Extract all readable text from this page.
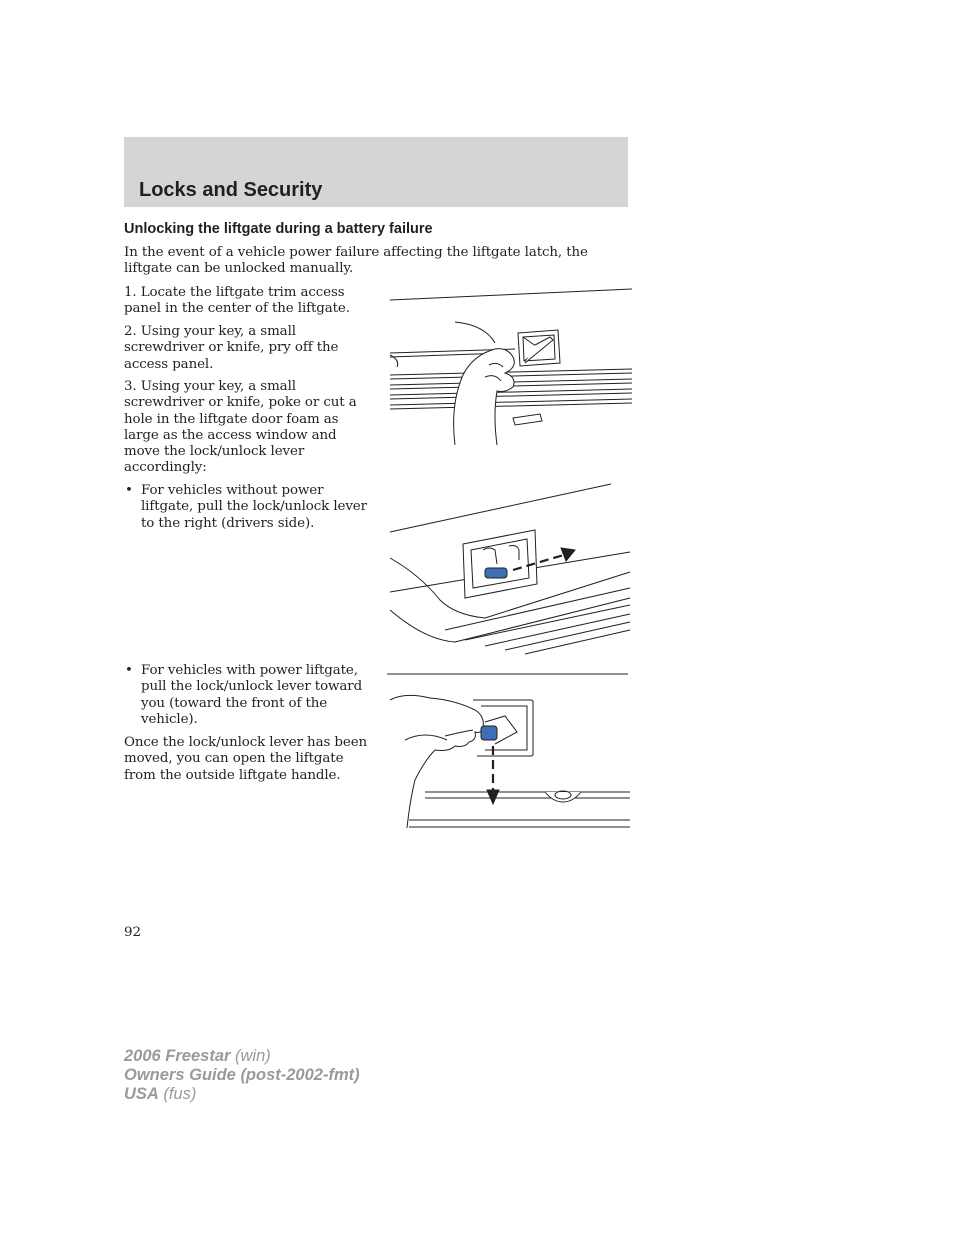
Locks and Security
Unlocking the liftgate during a battery failure

In the event of a vehicle power failure affecting the liftgate latch, the liftgate can be unlocked manually.

1. Locate the liftgate trim access panel in the center of the liftgate.

2. Using your key, a small screwdriver or knife, pry off the access panel.

3. Using your key, a small screwdriver or knife, poke or cut a hole in the liftgate door foam as large as the access window and move the lock/unlock lever accordingly:

• For vehicles without power liftgate, pull the lock/unlock lever to the right (drivers side).

• For vehicles with power liftgate, pull the lock/unlock lever toward you (toward the front of the vehicle).

Once the lock/unlock lever has been moved, you can open the liftgate from the outside liftgate handle.

92

2006 Freestar (win)
Owners Guide (post-2002-fmt)
USA (fus)
